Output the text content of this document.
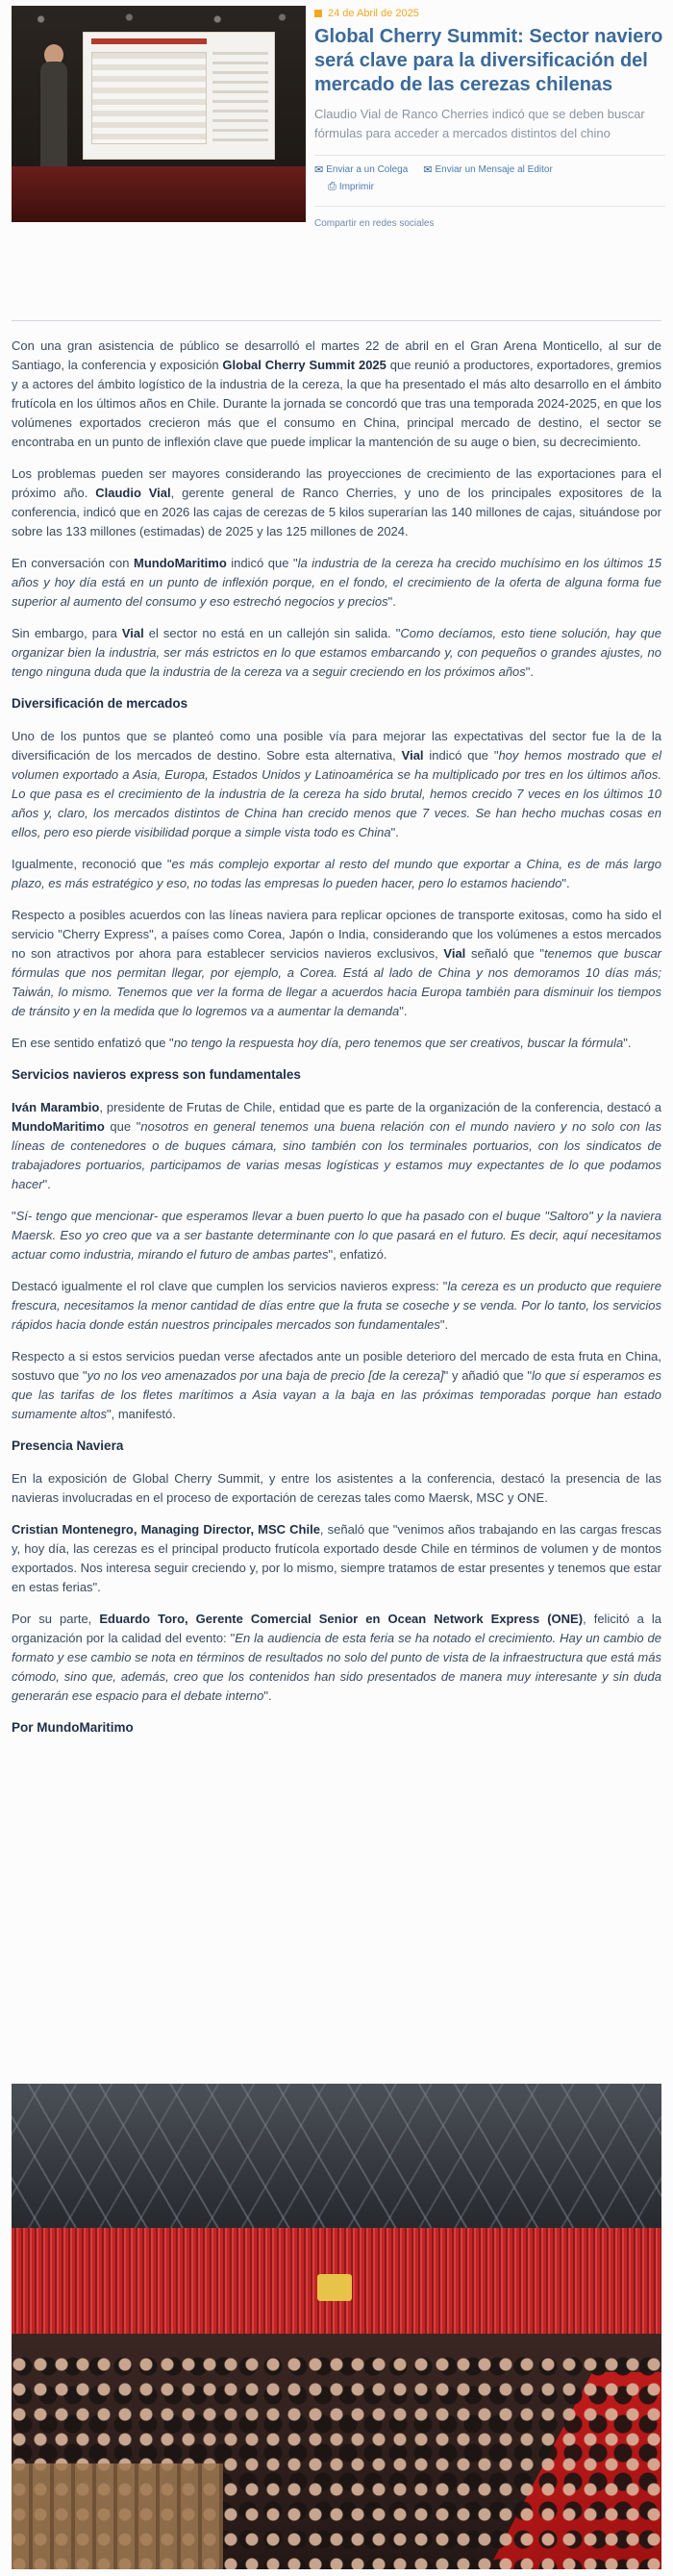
24 de Abril de 2025
Global Cherry Summit: Sector naviero será clave para la diversificación del mercado de las cerezas chilenas

Claudio Vial de Ranco Cherries indicó que se deben buscar fórmulas para acceder a mercados distintos del chino

✉ Enviar a un Colega ✉ Enviar un Mensaje al Editor
⎙ Imprimir
Compartir en redes sociales

Con una gran asistencia de público se desarrolló el martes 22 de abril en el Gran Arena Monticello, al sur de Santiago, la conferencia y exposición Global Cherry Summit 2025 que reunió a productores, exportadores, gremios y a actores del ámbito logístico de la industria de la cereza, la que ha presentado el más alto desarrollo en el ámbito frutícola en los últimos años en Chile. Durante la jornada se concordó que tras una temporada 2024-2025, en que los volúmenes exportados crecieron más que el consumo en China, principal mercado de destino, el sector se encontraba en un punto de inflexión clave que puede implicar la mantención de su auge o bien, su decrecimiento.

Los problemas pueden ser mayores considerando las proyecciones de crecimiento de las exportaciones para el próximo año. Claudio Vial, gerente general de Ranco Cherries, y uno de los principales expositores de la conferencia, indicó que en 2026 las cajas de cerezas de 5 kilos superarían las 140 millones de cajas, situándose por sobre las 133 millones (estimadas) de 2025 y las 125 millones de 2024.

En conversación con MundoMaritimo indicó que "la industria de la cereza ha crecido muchísimo en los últimos 15 años y hoy día está en un punto de inflexión porque, en el fondo, el crecimiento de la oferta de alguna forma fue superior al aumento del consumo y eso estrechó negocios y precios".

Sin embargo, para Vial el sector no está en un callejón sin salida. "Como decíamos, esto tiene solución, hay que organizar bien la industria, ser más estrictos en lo que estamos embarcando y, con pequeños o grandes ajustes, no tengo ninguna duda que la industria de la cereza va a seguir creciendo en los próximos años".

Diversificación de mercados

Uno de los puntos que se planteó como una posible vía para mejorar las expectativas del sector fue la de la diversificación de los mercados de destino. Sobre esta alternativa, Vial indicó que "hoy hemos mostrado que el volumen exportado a Asia, Europa, Estados Unidos y Latinoamérica se ha multiplicado por tres en los últimos años. Lo que pasa es el crecimiento de la industria de la cereza ha sido brutal, hemos crecido 7 veces en los últimos 10 años y, claro, los mercados distintos de China han crecido menos que 7 veces. Se han hecho muchas cosas en ellos, pero eso pierde visibilidad porque a simple vista todo es China".

Igualmente, reconoció que "es más complejo exportar al resto del mundo que exportar a China, es de más largo plazo, es más estratégico y eso, no todas las empresas lo pueden hacer, pero lo estamos haciendo".

Respecto a posibles acuerdos con las líneas naviera para replicar opciones de transporte exitosas, como ha sido el servicio "Cherry Express", a países como Corea, Japón o India, considerando que los volúmenes a estos mercados no son atractivos por ahora para establecer servicios navieros exclusivos, Vial señaló que "tenemos que buscar fórmulas que nos permitan llegar, por ejemplo, a Corea. Está al lado de China y nos demoramos 10 días más; Taiwán, lo mismo. Tenemos que ver la forma de llegar a acuerdos hacia Europa también para disminuir los tiempos de tránsito y en la medida que lo logremos va a aumentar la demanda".

En ese sentido enfatizó que "no tengo la respuesta hoy día, pero tenemos que ser creativos, buscar la fórmula".

Servicios navieros express son fundamentales

Iván Marambio, presidente de Frutas de Chile, entidad que es parte de la organización de la conferencia, destacó a MundoMaritimo que "nosotros en general tenemos una buena relación con el mundo naviero y no solo con las líneas de contenedores o de buques cámara, sino también con los terminales portuarios, con los sindicatos de trabajadores portuarios, participamos de varias mesas logísticas y estamos muy expectantes de lo que podamos hacer".

"Sí- tengo que mencionar- que esperamos llevar a buen puerto lo que ha pasado con el buque "Saltoro" y la naviera Maersk. Eso yo creo que va a ser bastante determinante con lo que pasará en el futuro. Es decir, aquí necesitamos actuar como industria, mirando el futuro de ambas partes", enfatizó.

Destacó igualmente el rol clave que cumplen los servicios navieros express: "la cereza es un producto que requiere frescura, necesitamos la menor cantidad de días entre que la fruta se coseche y se venda. Por lo tanto, los servicios rápidos hacia donde están nuestros principales mercados son fundamentales".

Respecto a si estos servicios puedan verse afectados ante un posible deterioro del mercado de esta fruta en China, sostuvo que "yo no los veo amenazados por una baja de precio [de la cereza]" y añadió que "lo que sí esperamos es que las tarifas de los fletes marítimos a Asia vayan a la baja en las próximas temporadas porque han estado sumamente altos", manifestó.

Presencia Naviera

En la exposición de Global Cherry Summit, y entre los asistentes a la conferencia, destacó la presencia de las navieras involucradas en el proceso de exportación de cerezas tales como Maersk, MSC y ONE.

Cristian Montenegro, Managing Director, MSC Chile, señaló que "venimos años trabajando en las cargas frescas y, hoy día, las cerezas es el principal producto frutícola exportado desde Chile en términos de volumen y de montos exportados. Nos interesa seguir creciendo y, por lo mismo, siempre tratamos de estar presentes y tenemos que estar en estas ferias".

Por su parte, Eduardo Toro, Gerente Comercial Senior en Ocean Network Express (ONE), felicitó a la organización por la calidad del evento: "En la audiencia de esta feria se ha notado el crecimiento. Hay un cambio de formato y ese cambio se nota en términos de resultados no solo del punto de vista de la infraestructura que está más cómodo, sino que, además, creo que los contenidos han sido presentados de manera muy interesante y sin duda generarán ese espacio para el debate interno".

Por MundoMaritimo
